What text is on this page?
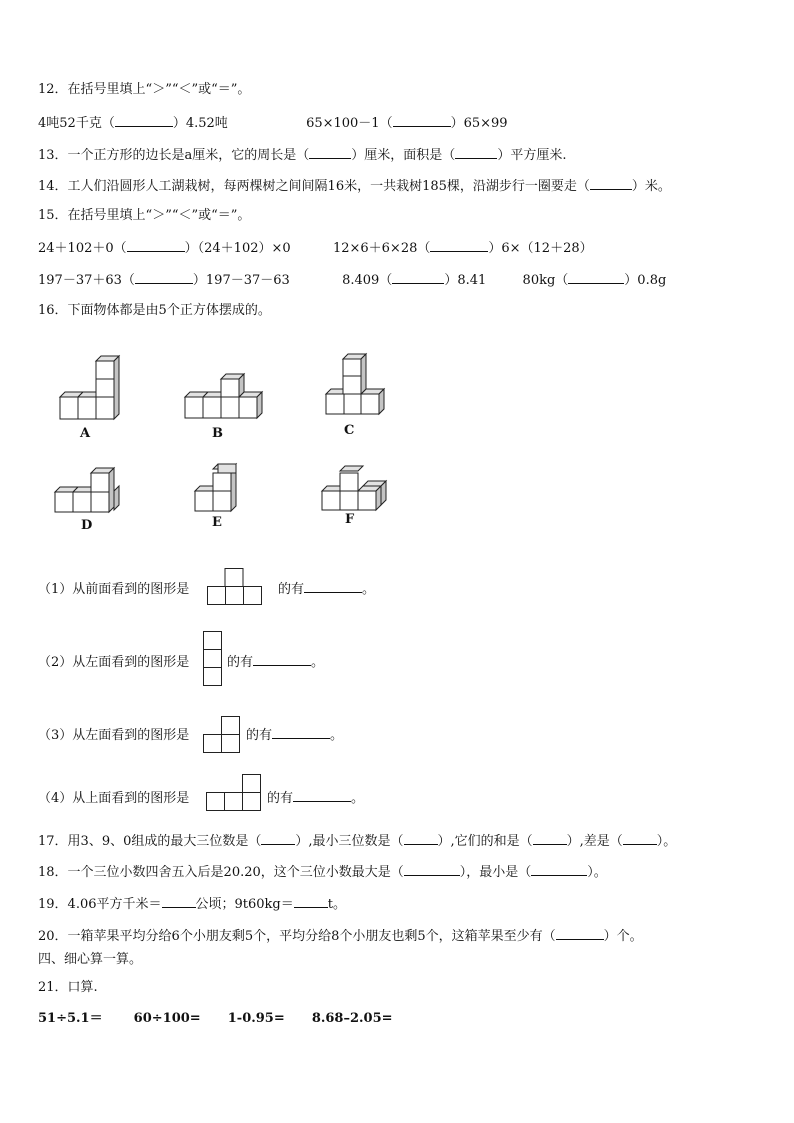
12．在括号里填上“＞”“＜”或“＝”。
4吨52千克（	）4.52吨	65×100－1（	）65×99
13．一个正方形的边长是a厘米，它的周长是（	）厘米，面积是（	）平方厘米.
14．工人们沿圆形人工湖栽树，每两棵树之间间隔16米，一共栽树185棵，沿湖步行一圈要走（	）米。
15．在括号里填上“＞”“＜”或“＝”。
24＋102＋0（	）（24＋102）×0	12×6＋6×28（	）6×（12＋28）
197－37＋63（	）197－37－63	8.409（	）8.41	80kg（	）0.8g
16．下面物体都是由5个正方体摆成的。
A	B	C
D	E	F
（1）从前面看到的图形是	的有	。
（2）从左面看到的图形是	的有	。
（3）从左面看到的图形是	的有	。
（4）从上面看到的图形是	的有	。
17．用3、9、0组成的最大三位数是（	）,最小三位数是（	）,它们的和是（	）,差是（	）。
18．一个三位小数四舍五入后是20.20，这个三位小数最大是（	），最小是（	）。
19．4.06平方千米＝	公顷；9t60kg＝	t。
20．一箱苹果平均分给6个小朋友剩5个，平均分给8个小朋友也剩5个，这箱苹果至少有（	）个。
四、细心算一算。
21．口算.
51÷5.1＝ 60÷100= 1-0.95= 8.68–2.05=
